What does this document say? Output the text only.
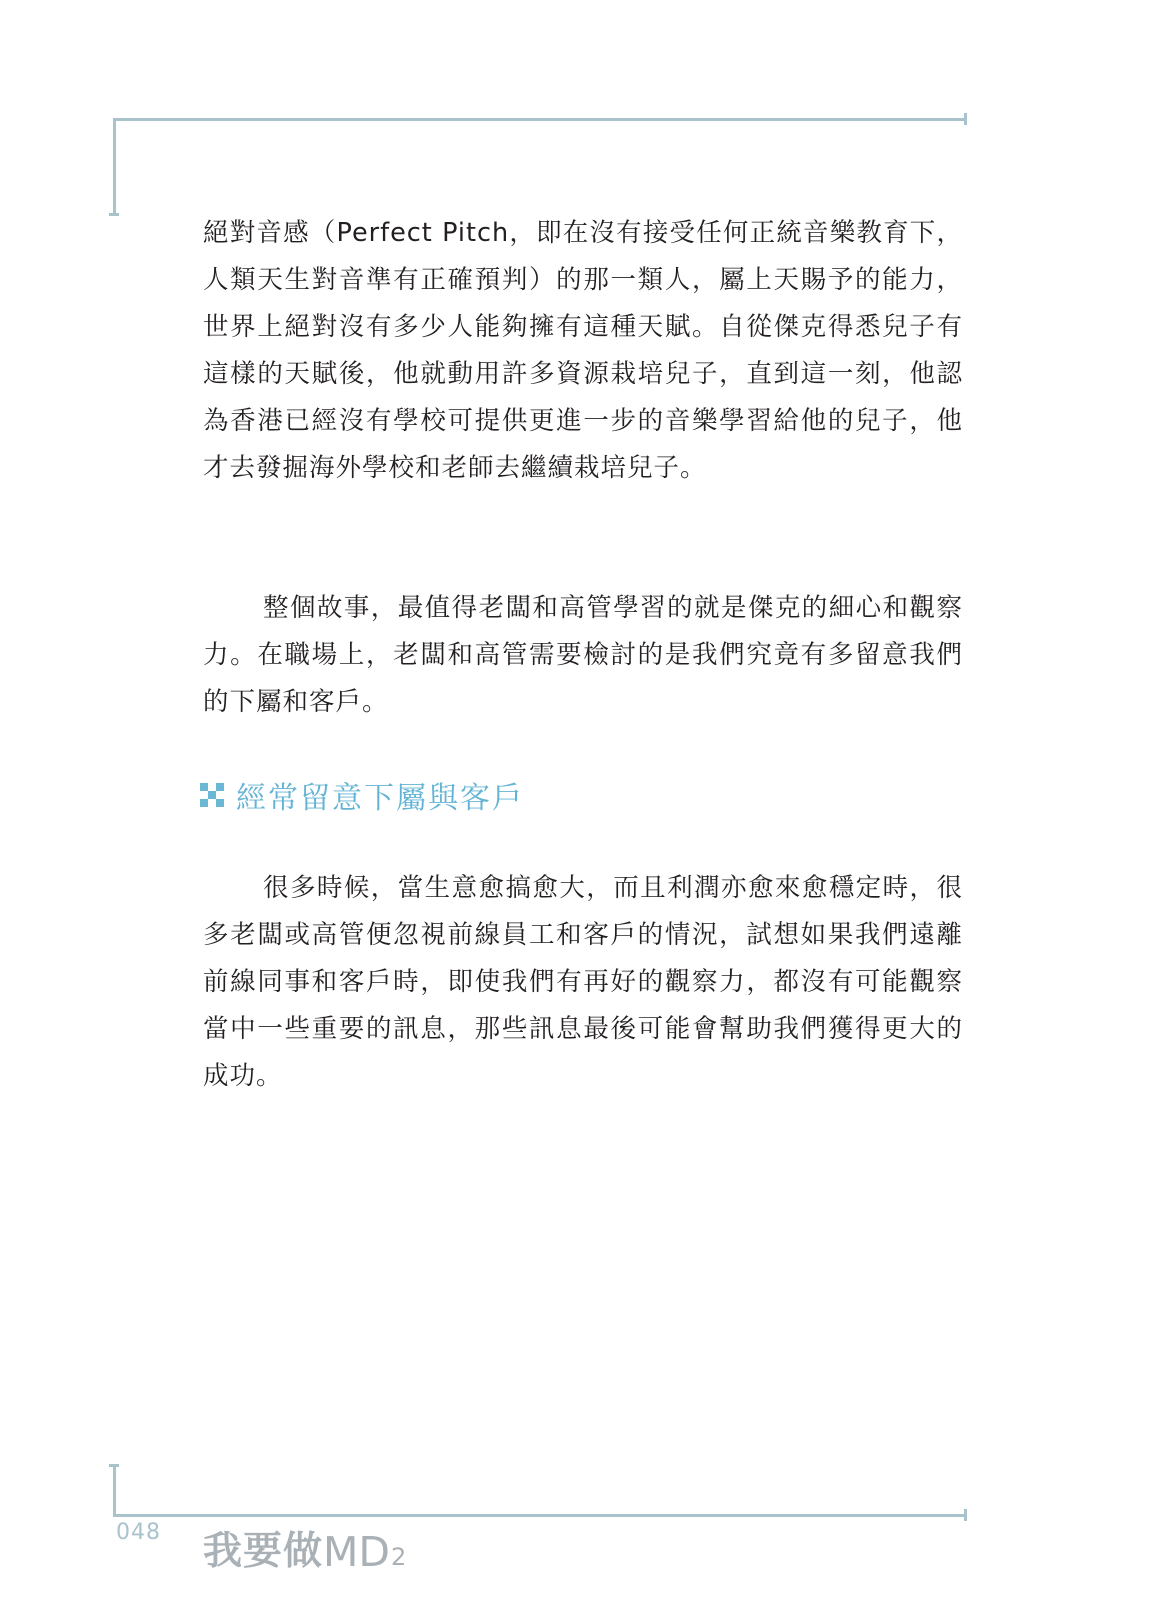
絕對音感（Perfect Pitch，即在沒有接受任何正統音樂教育下，人類天生對音準有正確預判）的那一類人，屬上天賜予的能力，世界上絕對沒有多少人能夠擁有這種天賦。自從傑克得悉兒子有這樣的天賦後，他就動用許多資源栽培兒子，直到這一刻，他認為香港已經沒有學校可提供更進一步的音樂學習給他的兒子，他才去發掘海外學校和老師去繼續栽培兒子。

整個故事，最值得老闆和高管學習的就是傑克的細心和觀察力。在職場上，老闆和高管需要檢討的是我們究竟有多留意我們的下屬和客戶。

經常留意下屬與客戶

很多時候，當生意愈搞愈大，而且利潤亦愈來愈穩定時，很多老闆或高管便忽視前線員工和客戶的情況，試想如果我們遠離前線同事和客戶時，即使我們有再好的觀察力，都沒有可能觀察當中一些重要的訊息，那些訊息最後可能會幫助我們獲得更大的成功。

048 我要做 MD 2
